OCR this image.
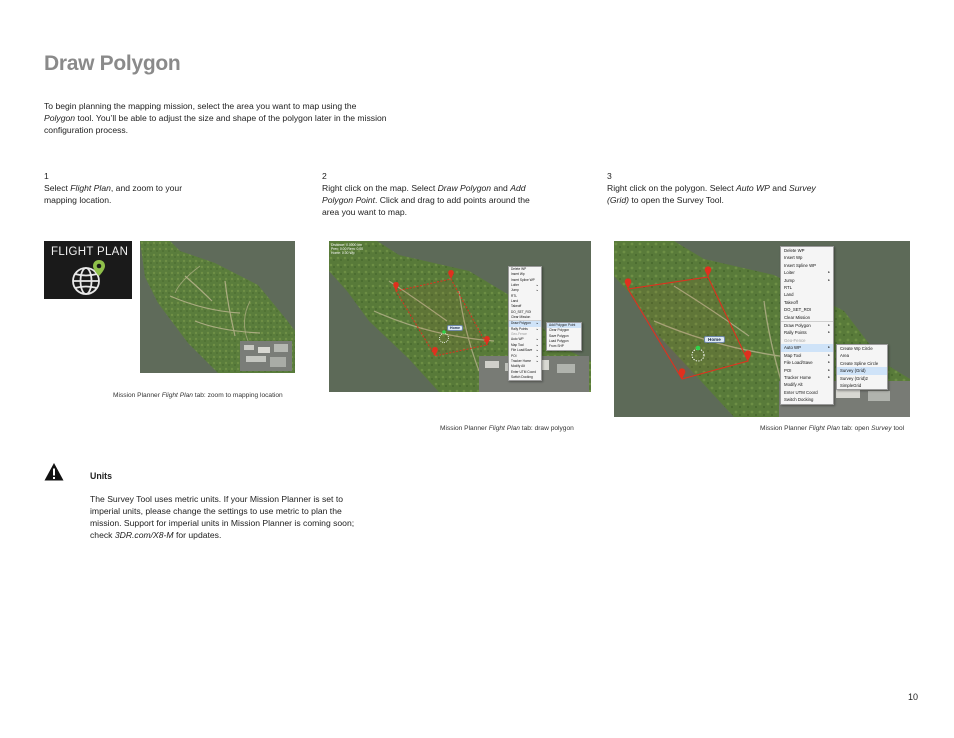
Draw Polygon

To begin planning the mapping mission, select the area you want to map using the Polygon tool. You’ll be able to adjust the size and shape of the polygon later in the mission configuration process.

1
Select Flight Plan, and zoom to your mapping location.
2
Right click on the map. Select Draw Polygon and Add Polygon Point. Click and drag to add points around the area you want to map.
3
Right click on the polygon. Select Auto WP and Survey (Grid) to open the Survey Tool.
FLIGHT PLAN
Mission Planner Flight Plan tab: zoom to mapping location
Distance: 0.0000 km
Prev: 0.00 Rem: 0.00
Home: 0.00 Wp
Home
Delete WP
Insert Wp
Insert Spline WP
Loiter	▸
Jump	▸
RTL
Land
Takeoff
DO_SET_ROI
Clear Mission
Draw Polygon ▸
Rally Points	▸
Geo-Fence
Auto WP	▸
Map Tool	▸
File Load/Save ▸
POI	▸
Tracker Home ▸
Modify Alt
Enter UTM Coord
Switch Docking
Add Polygon Point
Clear Polygon
Save Polygon
Load Polygon
From SHP
Mission Planner Flight Plan tab: draw polygon
Home
Delete WP
Insert Wp
Insert Spline WP
Loiter	▸
Jump	▸
RTL
Land
Takeoff
DO_SET_ROI
Clear Mission
Draw Polygon	▸
Rally Points	▸
Geo-Fence
Auto WP	▸
Map Tool	▸
File Load/Save	▸
POI	▸
Tracker Home	▸
Modify Alt
Enter UTM Coord
Switch Docking
Create Wp Circle
Area
Create Spline Circle
Survey (Grid)
Survey (Grid)2
SimpleGrid
Mission Planner Flight Plan tab: open Survey tool
Units

The Survey Tool uses metric units. If your Mission Planner is set to imperial units, please change the settings to use metric to plan the mission. Support for imperial units in Mission Planner is coming soon; check 3DR.com/X8-M for updates.

10
